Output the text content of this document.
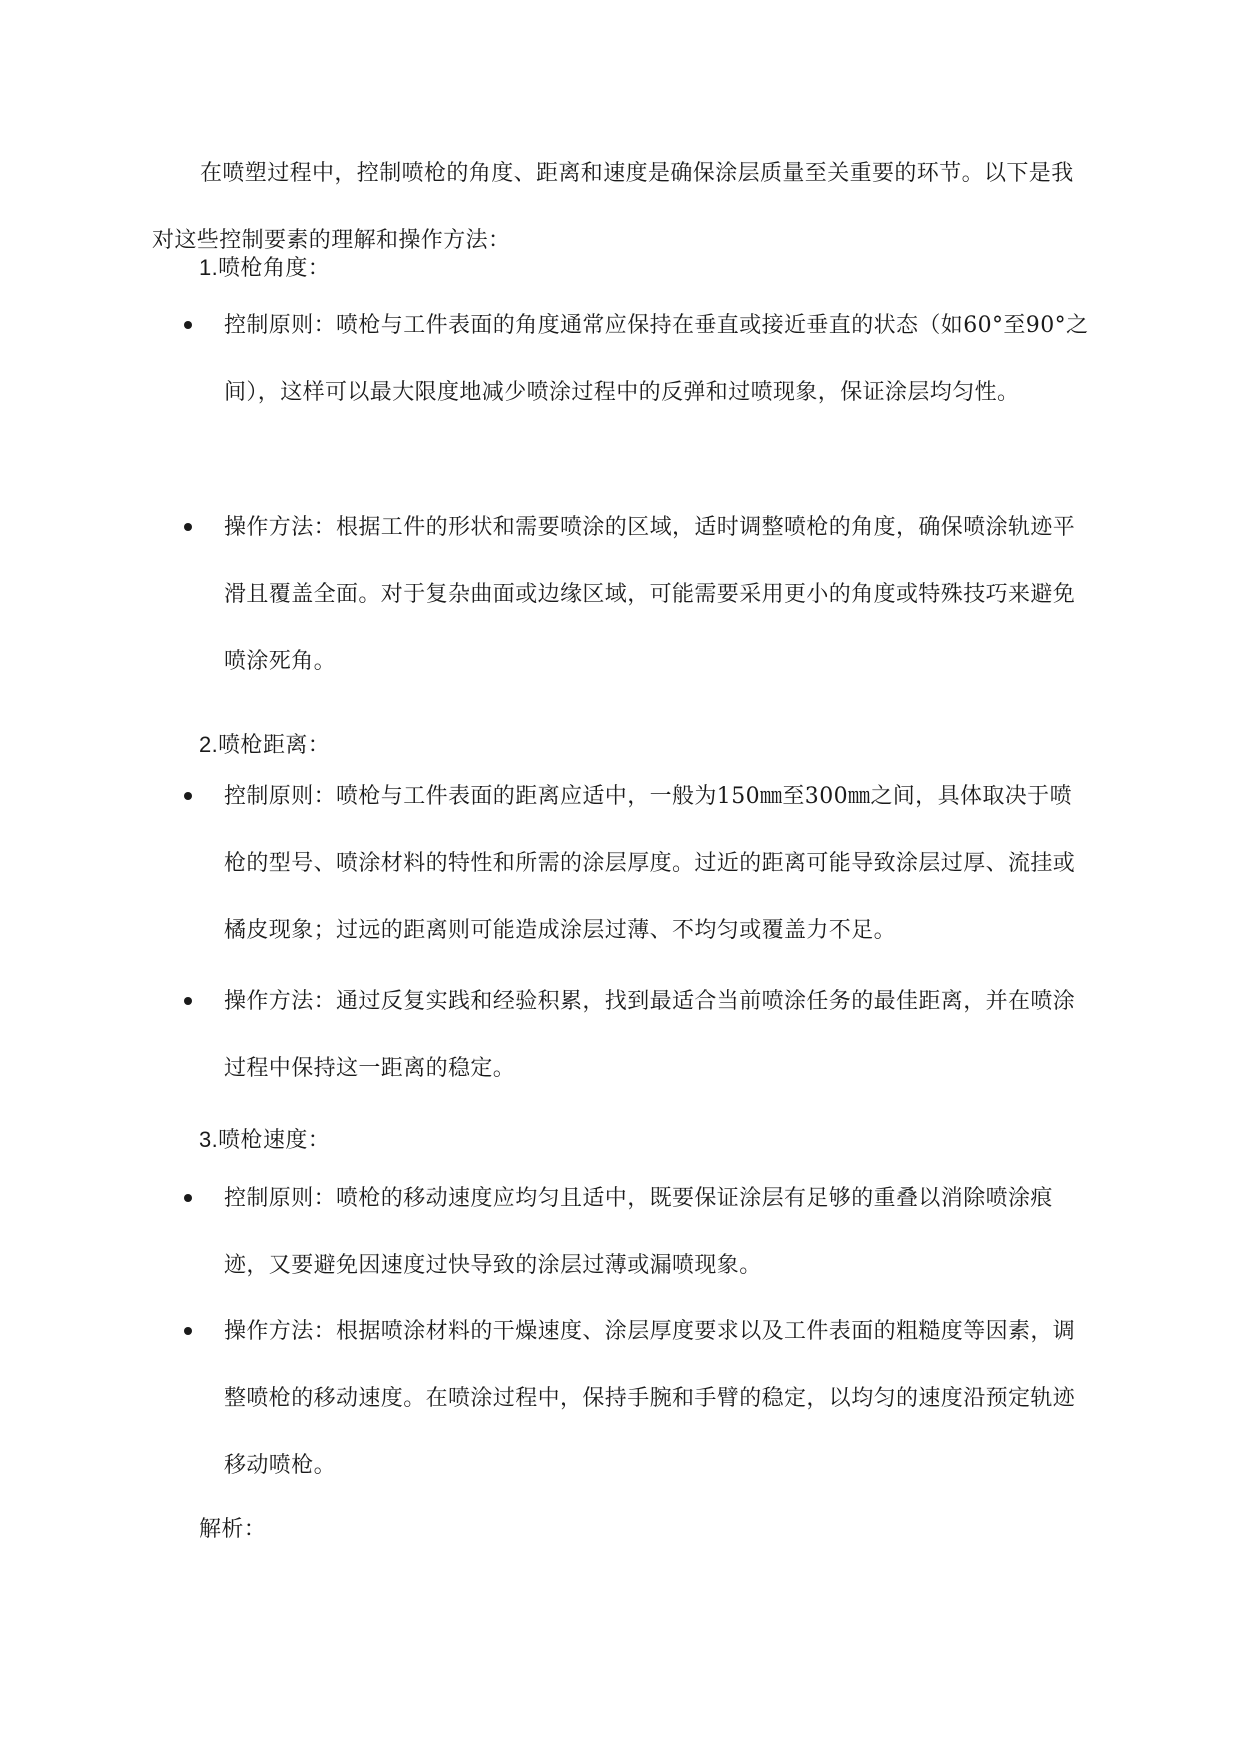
在喷塑过程中，控制喷枪的角度、距离和速度是确保涂层质量至关重要的环节。以下是我对这些控制要素的理解和操作方法：

1.喷枪角度：
控制原则：喷枪与工件表面的角度通常应保持在垂直或接近垂直的状态（如60°至90°之间），这样可以最大限度地减少喷涂过程中的反弹和过喷现象，保证涂层均匀性。
操作方法：根据工件的形状和需要喷涂的区域，适时调整喷枪的角度，确保喷涂轨迹平滑且覆盖全面。对于复杂曲面或边缘区域，可能需要采用更小的角度或特殊技巧来避免喷涂死角。
2.喷枪距离：
控制原则：喷枪与工件表面的距离应适中，一般为150㎜至300㎜之间，具体取决于喷枪的型号、喷涂材料的特性和所需的涂层厚度。过近的距离可能导致涂层过厚、流挂或橘皮现象；过远的距离则可能造成涂层过薄、不均匀或覆盖力不足。
操作方法：通过反复实践和经验积累，找到最适合当前喷涂任务的最佳距离，并在喷涂过程中保持这一距离的稳定。
3.喷枪速度：
控制原则：喷枪的移动速度应均匀且适中，既要保证涂层有足够的重叠以消除喷涂痕迹，又要避免因速度过快导致的涂层过薄或漏喷现象。
操作方法：根据喷涂材料的干燥速度、涂层厚度要求以及工件表面的粗糙度等因素，调整喷枪的移动速度。在喷涂过程中，保持手腕和手臂的稳定，以均匀的速度沿预定轨迹移动喷枪。
解析：
